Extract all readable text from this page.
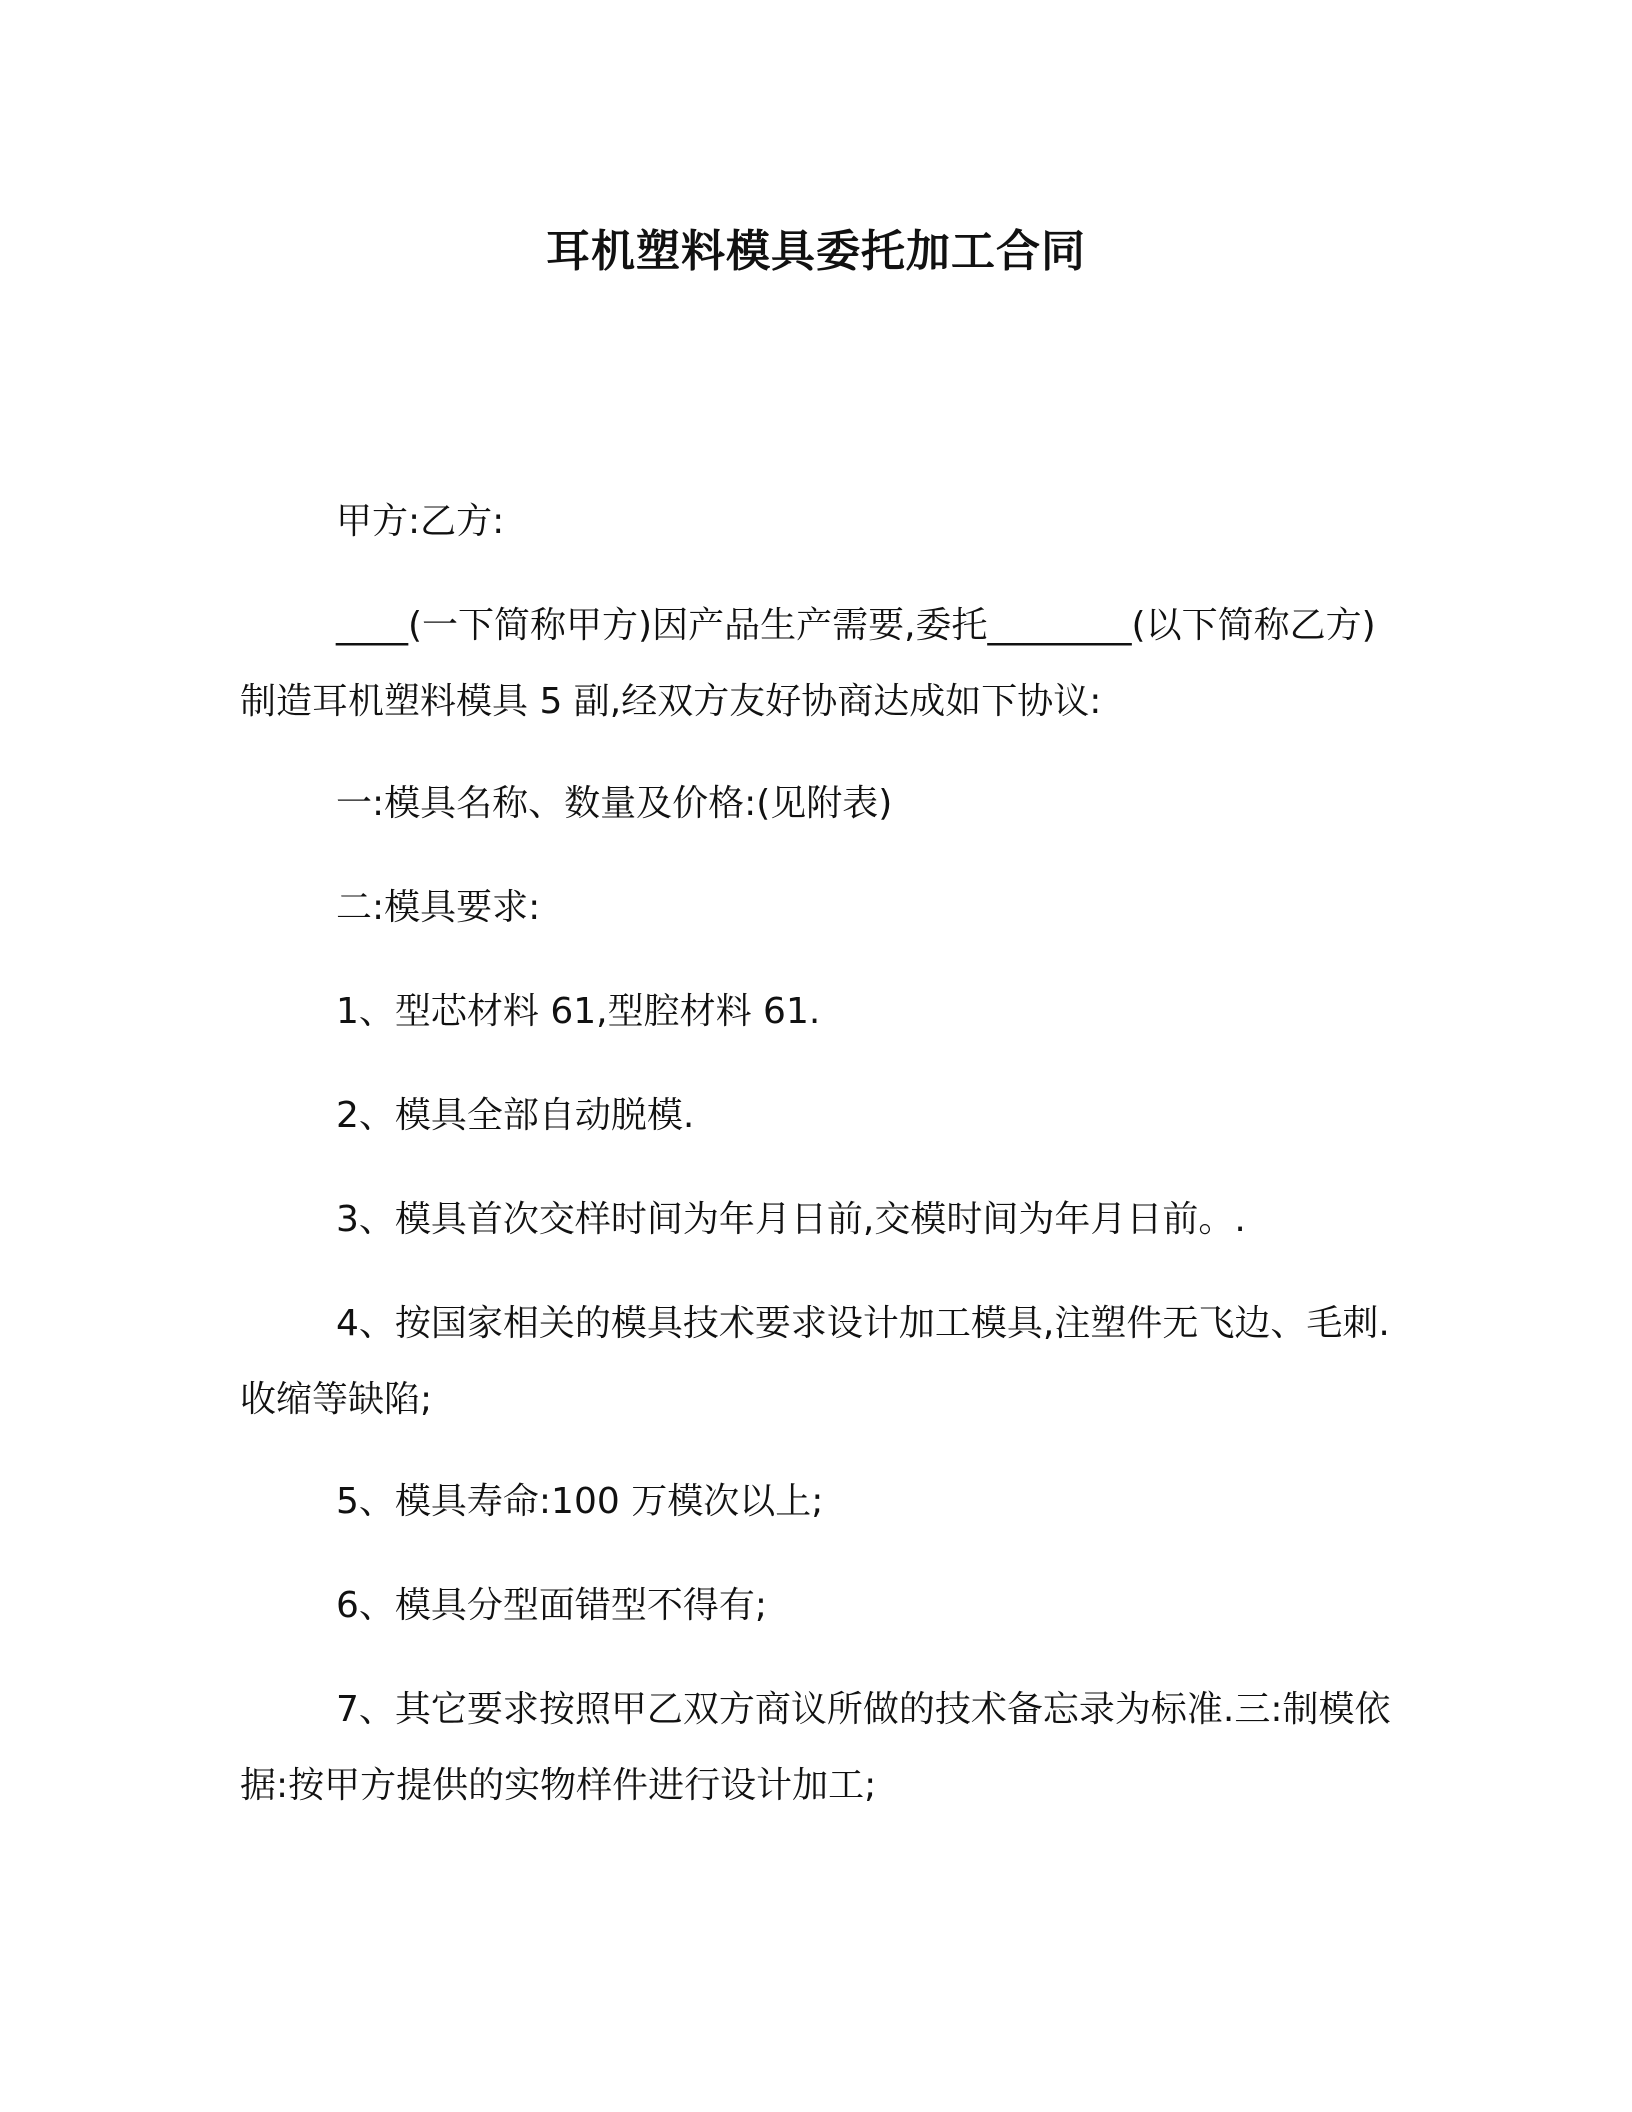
耳机塑料模具委托加工合同
甲方:乙方:
____(一下简称甲方)因产品生产需要,委托________(以下简称乙方)制造耳机塑料模具 5 副,经双方友好协商达成如下协议:
一:模具名称、数量及价格:(见附表)
二:模具要求:
1、型芯材料 61,型腔材料 61.
2、模具全部自动脱模.
3、模具首次交样时间为年月日前,交模时间为年月日前。.
4、按国家相关的模具技术要求设计加工模具,注塑件无飞边、毛刺.收缩等缺陷;
5、模具寿命:100 万模次以上;
6、模具分型面错型不得有;
7、其它要求按照甲乙双方商议所做的技术备忘录为标准.三:制模依据:按甲方提供的实物样件进行设计加工;
